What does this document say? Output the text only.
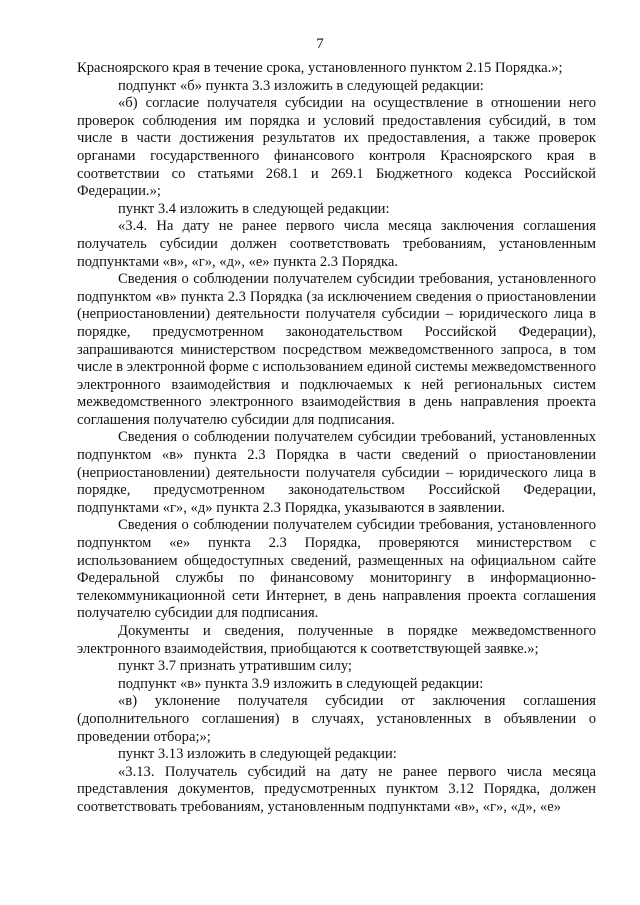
7

Красноярского края в течение срока, установленного пунктом 2.15 Порядка.»;

подпункт «б» пункта 3.3 изложить в следующей редакции:

«б) согласие получателя субсидии на осуществление в отношении него проверок соблюдения им порядка и условий предоставления субсидий, в том числе в части достижения результатов их предоставления, а также проверок органами государственного финансового контроля Красноярского края в соответствии со статьями 268.1 и 269.1 Бюджетного кодекса Российской Федерации.»;

пункт 3.4 изложить в следующей редакции:

«3.4. На дату не ранее первого числа месяца заключения соглашения получатель субсидии должен соответствовать требованиям, установленным подпунктами «в», «г», «д», «е» пункта 2.3 Порядка.

Сведения о соблюдении получателем субсидии требования, установленного подпунктом «в» пункта 2.3 Порядка (за исключением сведения о приостановлении (неприостановлении) деятельности получателя субсидии – юридического лица в порядке, предусмотренном законодательством Российской Федерации), запрашиваются министерством посредством межведомственного запроса, в том числе в электронной форме с использованием единой системы межведомственного электронного взаимодействия и подключаемых к ней региональных систем межведомственного электронного взаимодействия в день направления проекта соглашения получателю субсидии для подписания.

Сведения о соблюдении получателем субсидии требований, установленных подпунктом «в» пункта 2.3 Порядка в части сведений о приостановлении (неприостановлении) деятельности получателя субсидии – юридического лица в порядке, предусмотренном законодательством Российской Федерации, подпунктами «г», «д» пункта 2.3 Порядка, указываются в заявлении.

Сведения о соблюдении получателем субсидии требования, установленного подпунктом «е» пункта 2.3 Порядка, проверяются министерством с использованием общедоступных сведений, размещенных на официальном сайте Федеральной службы по финансовому мониторингу в информационно-телекоммуникационной сети Интернет, в день направления проекта соглашения получателю субсидии для подписания.

Документы и сведения, полученные в порядке межведомственного электронного взаимодействия, приобщаются к соответствующей заявке.»;

пункт 3.7 признать утратившим силу;

подпункт «в» пункта 3.9 изложить в следующей редакции:

«в) уклонение получателя субсидии от заключения соглашения (дополнительного соглашения) в случаях, установленных в объявлении о проведении отбора;»;

пункт 3.13 изложить в следующей редакции:

«3.13. Получатель субсидий на дату не ранее первого числа месяца представления документов, предусмотренных пунктом 3.12 Порядка, должен соответствовать требованиям, установленным подпунктами «в», «г», «д», «е»
